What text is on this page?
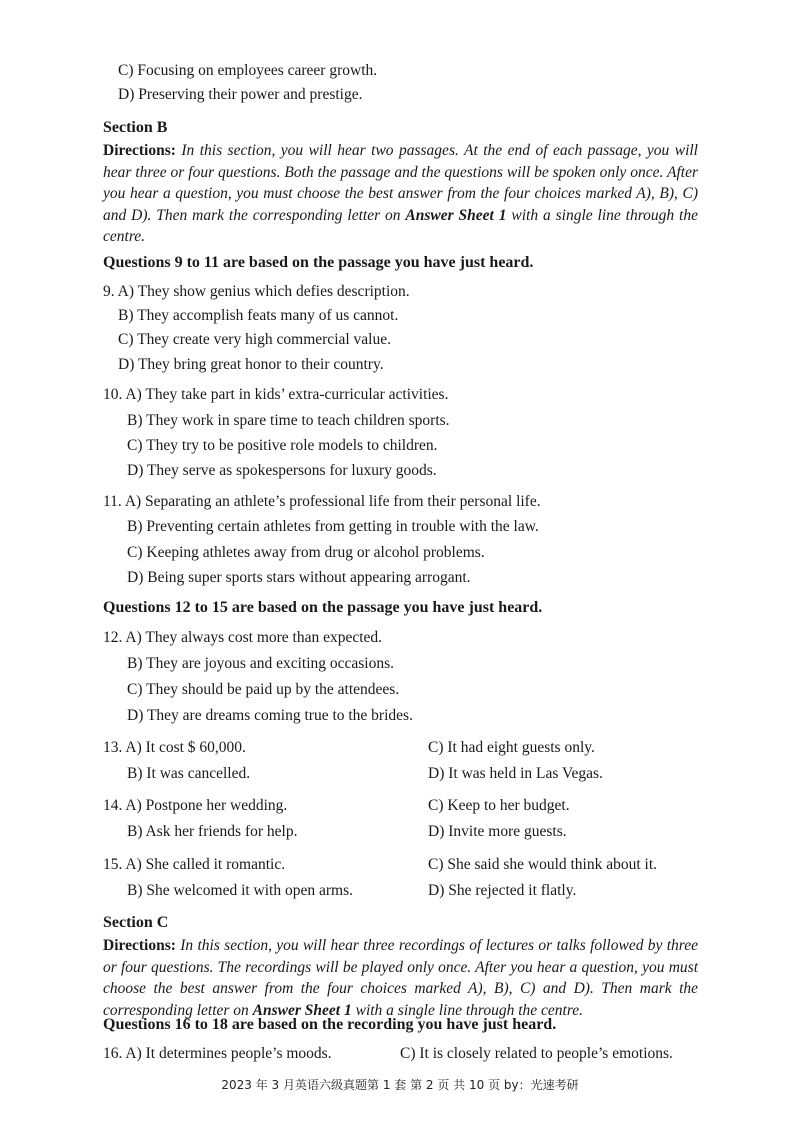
C) Focusing on employees career growth.
D) Preserving their power and prestige.
Section B
Directions: In this section, you will hear two passages. At the end of each passage, you will hear three or four questions. Both the passage and the questions will be spoken only once. After you hear a question, you must choose the best answer from the four choices marked A), B), C) and D). Then mark the corresponding letter on Answer Sheet 1 with a single line through the centre.
Questions 9 to 11 are based on the passage you have just heard.
9. A) They show genius which defies description.
B) They accomplish feats many of us cannot.
C) They create very high commercial value.
D) They bring great honor to their country.
10. A) They take part in kids’ extra-curricular activities.
B) They work in spare time to teach children sports.
C) They try to be positive role models to children.
D) They serve as spokespersons for luxury goods.
11. A) Separating an athlete’s professional life from their personal life.
B) Preventing certain athletes from getting in trouble with the law.
C) Keeping athletes away from drug or alcohol problems.
D) Being super sports stars without appearing arrogant.
Questions 12 to 15 are based on the passage you have just heard.
12. A) They always cost more than expected.
B) They are joyous and exciting occasions.
C) They should be paid up by the attendees.
D) They are dreams coming true to the brides.
13. A) It cost $ 60,000.	C) It had eight guests only.
B) It was cancelled.	D) It was held in Las Vegas.
14. A) Postpone her wedding.	C) Keep to her budget.
B) Ask her friends for help.	D) Invite more guests.
15. A) She called it romantic.	C) She said she would think about it.
B) She welcomed it with open arms.	D) She rejected it flatly.
Section C
Directions: In this section, you will hear three recordings of lectures or talks followed by three or four questions. The recordings will be played only once. After you hear a question, you must choose the best answer from the four choices marked A), B), C) and D). Then mark the corresponding letter on Answer Sheet 1 with a single line through the centre.
Questions 16 to 18 are based on the recording you have just heard.
16. A) It determines people’s moods.	C) It is closely related to people’s emotions.
2023 年 3 月英语六级真题第 1 套 第 2 页 共 10 页 by：光速考研
